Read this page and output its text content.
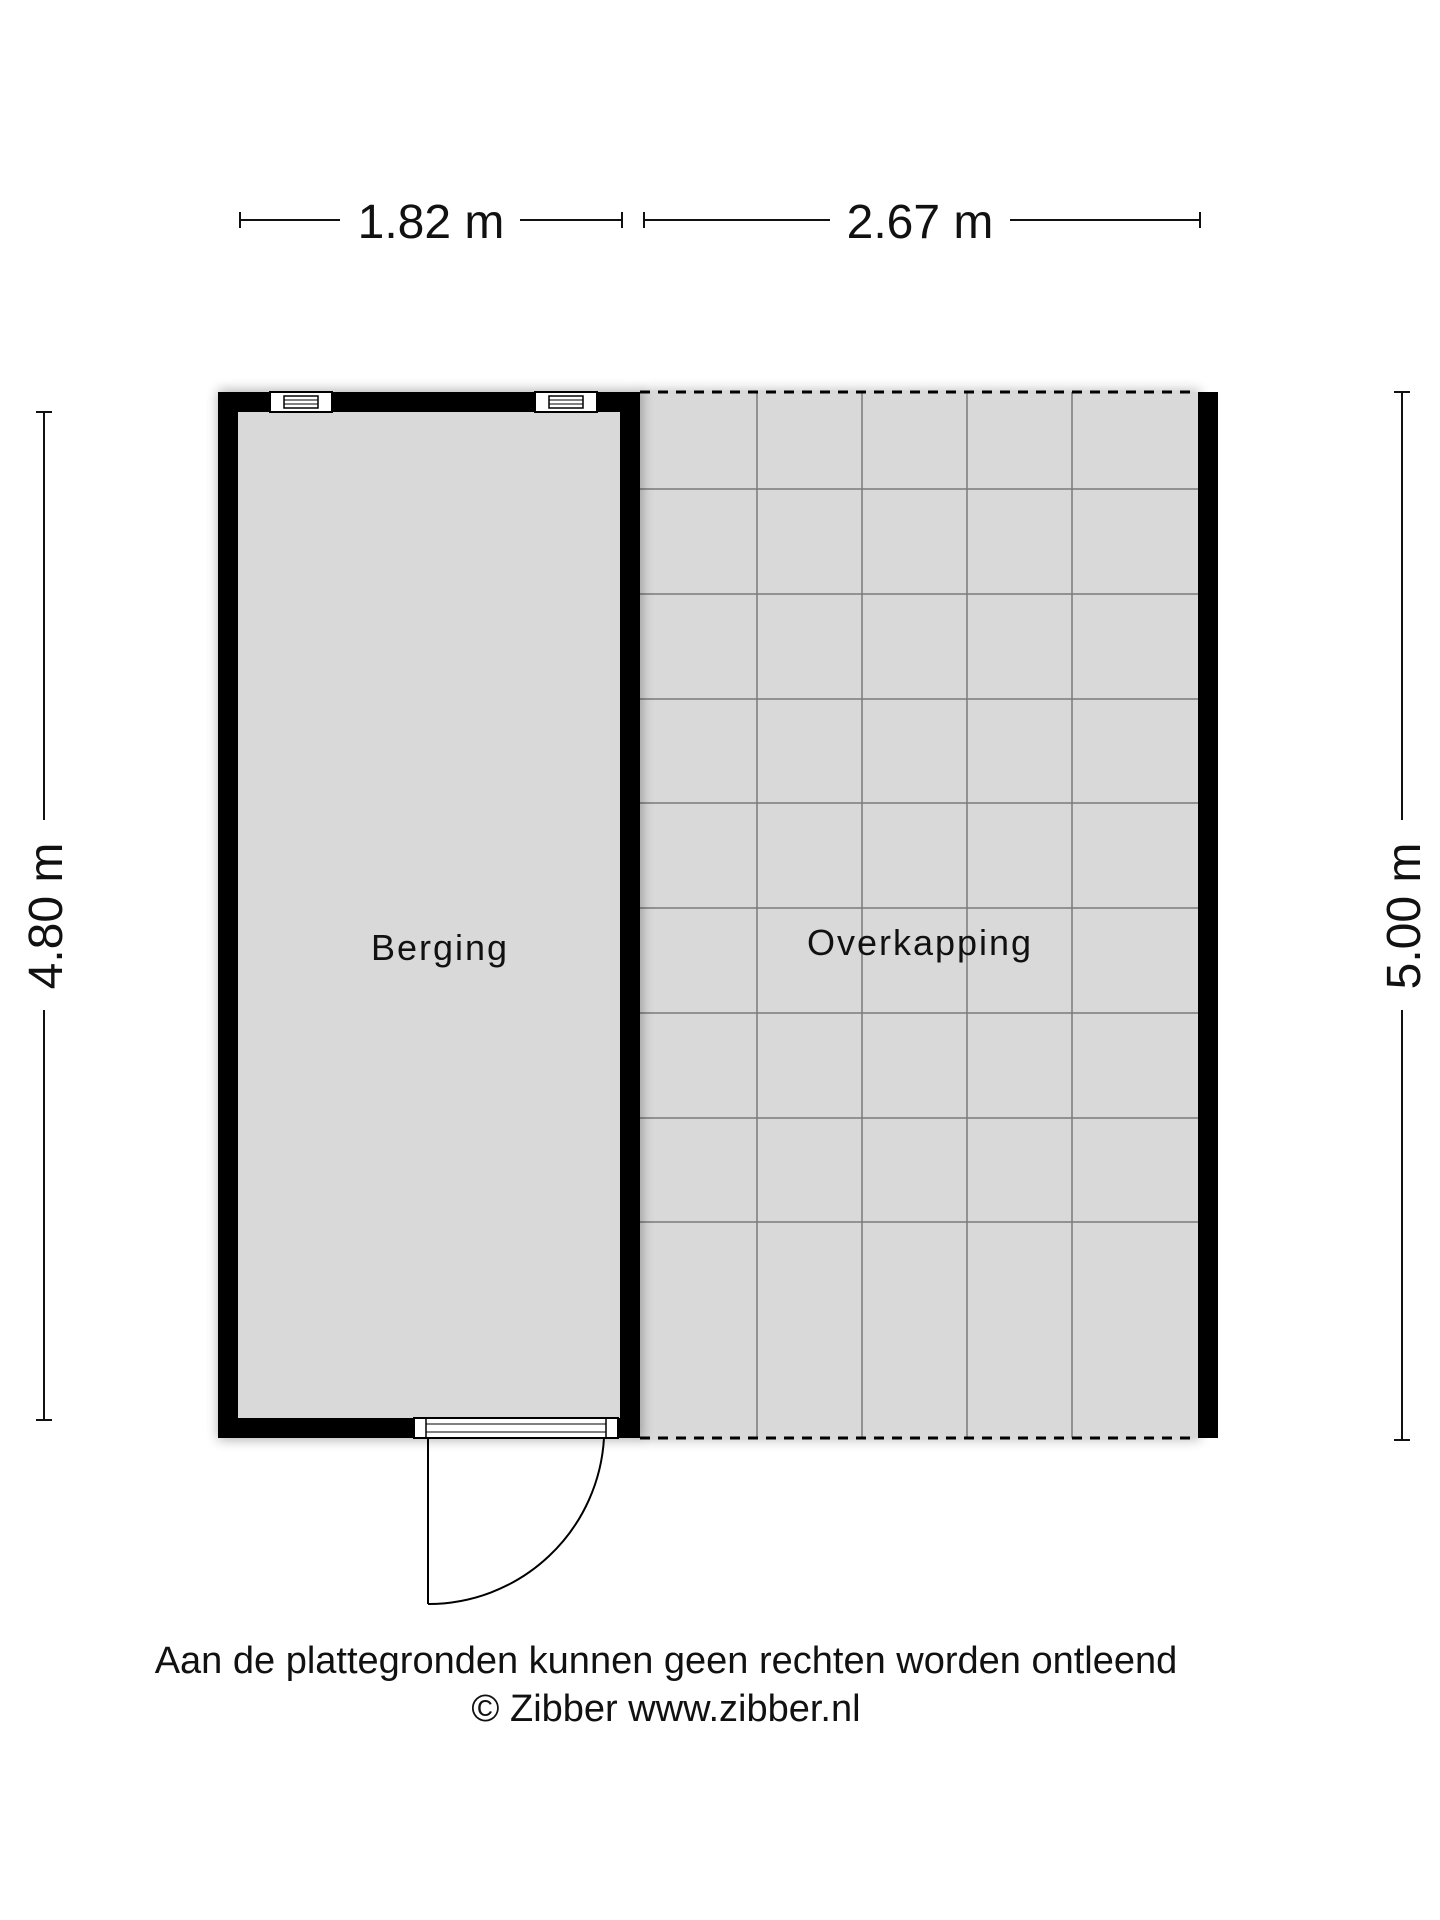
1.82 m	2.67 m
4.80 m	5.00 m
Berging	Overkapping
Aan de plattegronden kunnen geen rechten worden ontleend
© Zibber www.zibber.nl
